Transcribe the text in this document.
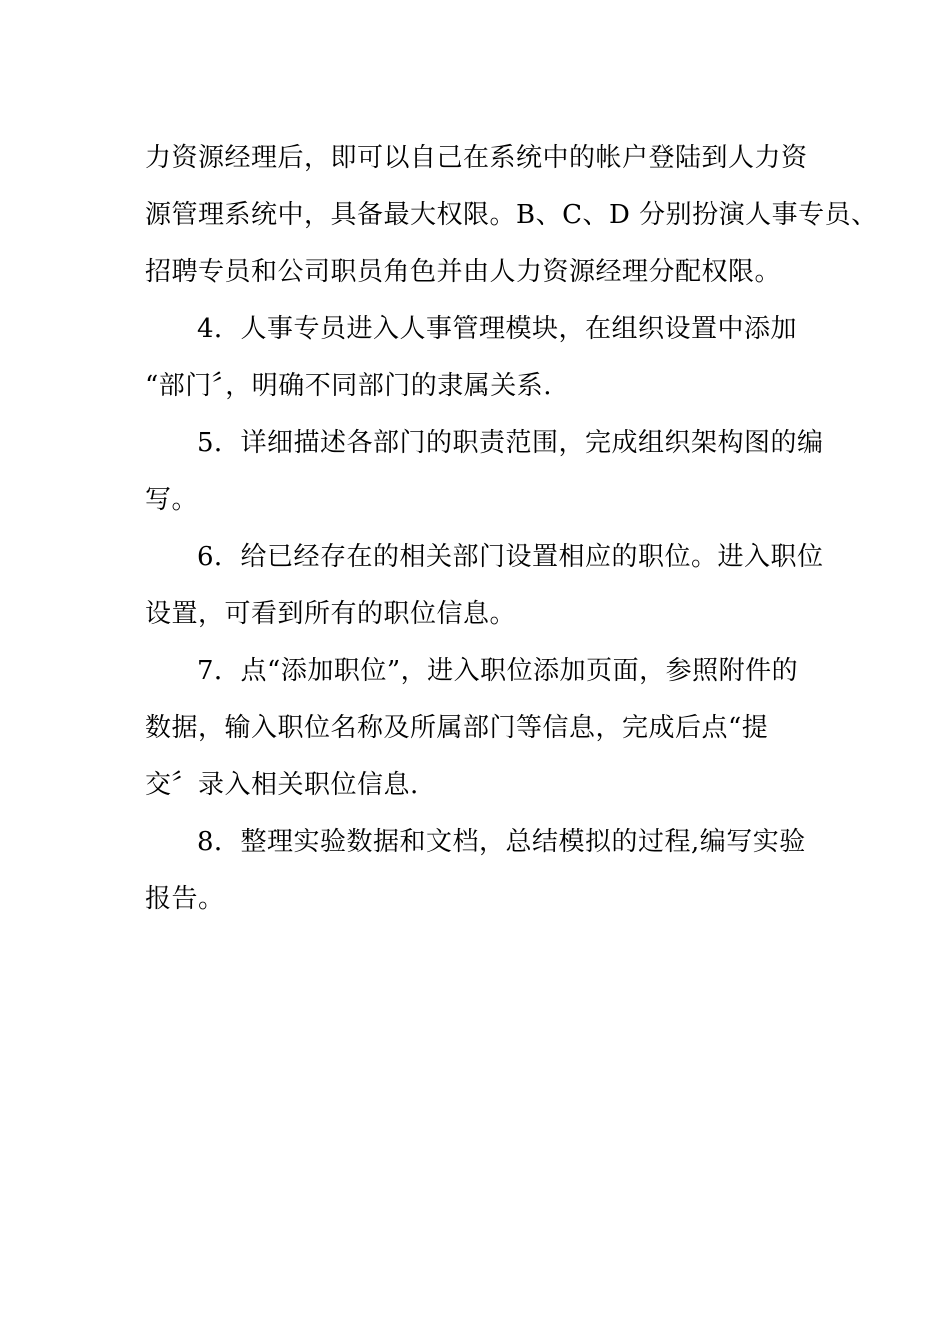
力资源经理后，即可以自己在系统中的帐户登陆到人力资
源管理系统中，具备最大权限。B、C、D 分别扮演人事专员、
招聘专员和公司职员角色并由人力资源经理分配权限。
4．人事专员进入人事管理模块，在组织设置中添加
“部门〞，明确不同部门的隶属关系.
5．详细描述各部门的职责范围，完成组织架构图的编
写。
6．给已经存在的相关部门设置相应的职位。进入职位
设置，可看到所有的职位信息。
7．点“添加职位”，进入职位添加页面，参照附件的
数据，输入职位名称及所属部门等信息，完成后点“提
交〞录入相关职位信息.
8．整理实验数据和文档，总结模拟的过程,编写实验
报告。
